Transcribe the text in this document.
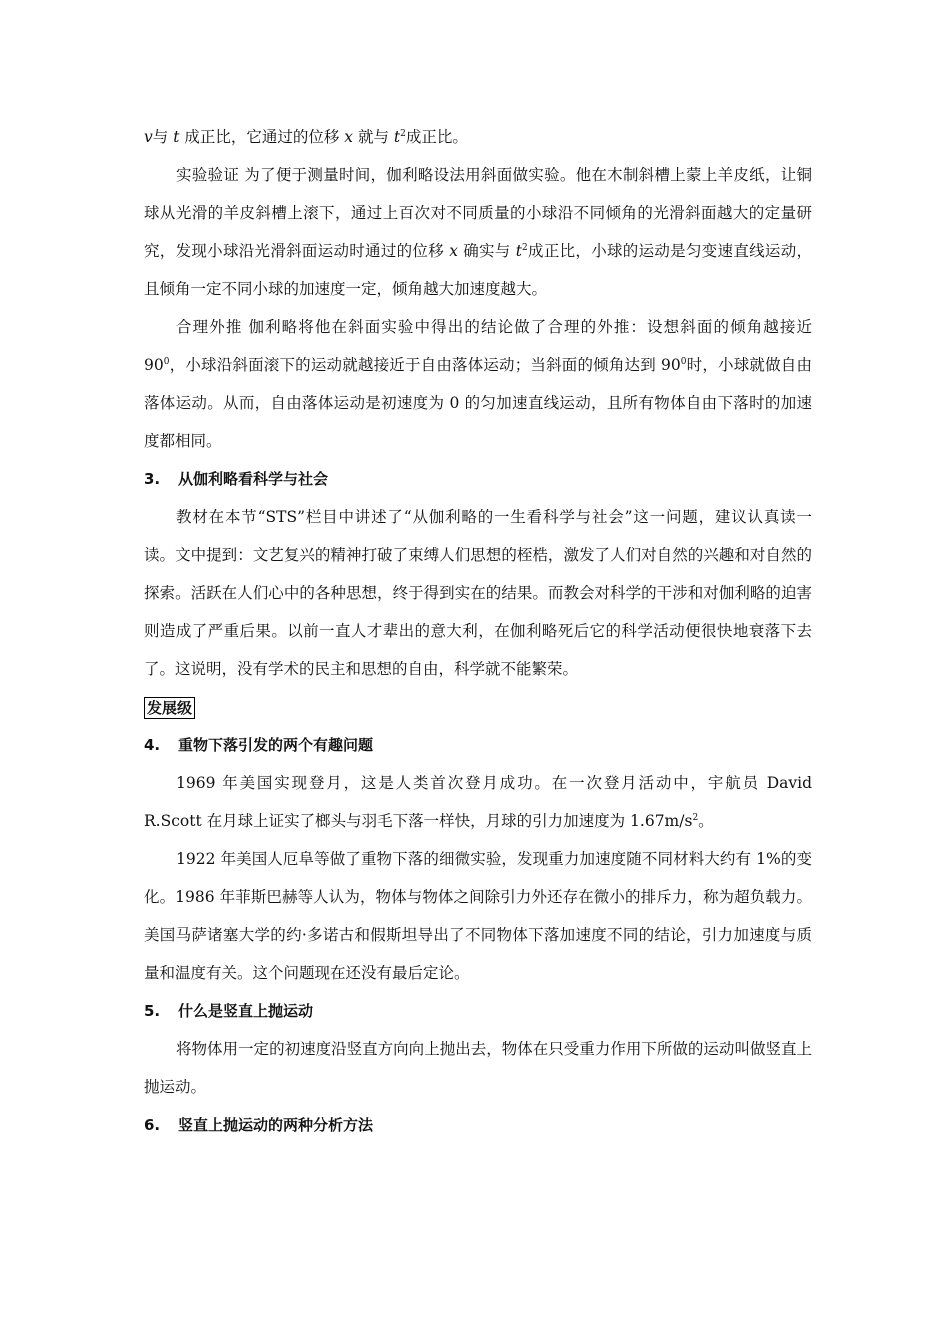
v与 t 成正比，它通过的位移 x 就与 $t^2$成正比。

实验验证 为了便于测量时间，伽利略设法用斜面做实验。他在木制斜槽上蒙上羊皮纸，让铜球从光滑的羊皮斜槽上滚下，通过上百次对不同质量的小球沿不同倾角的光滑斜面越大的定量研究，发现小球沿光滑斜面运动时通过的位移 x 确实与 $t^2$成正比，小球的运动是匀变速直线运动，且倾角一定不同小球的加速度一定，倾角越大加速度越大。

合理外推 伽利略将他在斜面实验中得出的结论做了合理的外推：设想斜面的倾角越接近 $90^0$，小球沿斜面滚下的运动就越接近于自由落体运动；当斜面的倾角达到 $90^0$时，小球就做自由落体运动。从而，自由落体运动是初速度为 0 的匀加速直线运动，且所有物体自由下落时的加速度都相同。

3. 从伽利略看科学与社会

教材在本节“STS”栏目中讲述了“从伽利略的一生看科学与社会”这一问题，建议认真读一读。文中提到：文艺复兴的精神打破了束缚人们思想的桎梏，激发了人们对自然的兴趣和对自然的探索。活跃在人们心中的各种思想，终于得到实在的结果。而教会对科学的干涉和对伽利略的迫害则造成了严重后果。以前一直人才辈出的意大利，在伽利略死后它的科学活动便很快地衰落下去了。这说明，没有学术的民主和思想的自由，科学就不能繁荣。

发展级
4. 重物下落引发的两个有趣问题

1969 年美国实现登月，这是人类首次登月成功。在一次登月活动中，宇航员 David R.Scott 在月球上证实了榔头与羽毛下落一样快，月球的引力加速度为 $1.67m/s^2$。

1922 年美国人厄阜等做了重物下落的细微实验，发现重力加速度随不同材料大约有 1%的变化。1986 年菲斯巴赫等人认为，物体与物体之间除引力外还存在微小的排斥力，称为超负载力。美国马萨诸塞大学的约·多诺古和假斯坦导出了不同物体下落加速度不同的结论，引力加速度与质量和温度有关。这个问题现在还没有最后定论。

5. 什么是竖直上抛运动

将物体用一定的初速度沿竖直方向向上抛出去，物体在只受重力作用下所做的运动叫做竖直上抛运动。

6. 竖直上抛运动的两种分析方法
